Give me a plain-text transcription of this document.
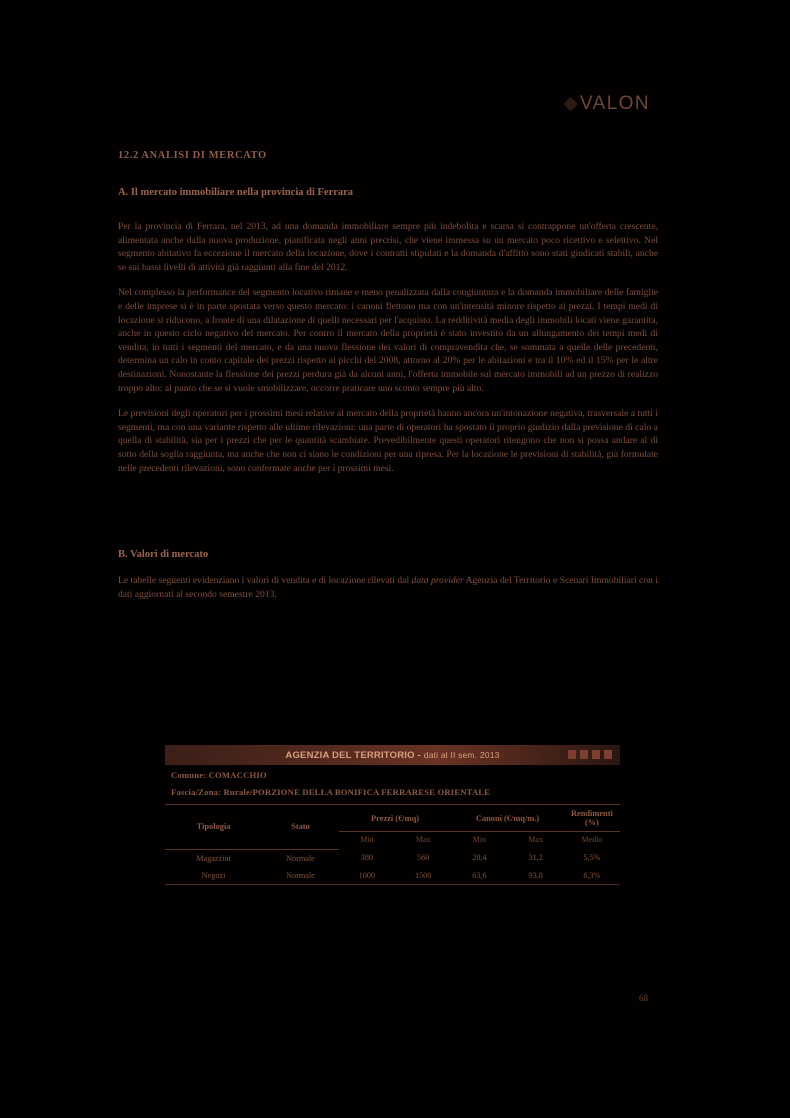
◆ VALON
12.2 ANALISI DI MERCATO
A. Il mercato immobiliare nella provincia di Ferrara

Per la provincia di Ferrara, nel 2013, ad una domanda immobiliare sempre più indebolita e scarsa si contrappone un'offerta crescente, alimentata anche dalla nuova produzione, pianificata negli anni precrisi, che viene immessa su un mercato poco ricettivo e selettivo. Nel segmento abitativo fa eccezione il mercato della locazione, dove i contratti stipulati e la domanda d'affitto sono stati giudicati stabili, anche se sui bassi livelli di attività già raggiunti alla fine del 2012.

Nel complesso la performance del segmento locativo rimane e meno penalizzata dalla congiuntura e la domanda immobiliare delle famiglie e delle imprese si è in parte spostata verso questo mercato: i canoni flettono ma con un'intensità minore rispetto ai prezzi. I tempi medi di locazione si riducono, a fronte di una dilatazione di quelli necessari per l'acquisto. La redditività media degli immobili locati viene garantita, anche in questo ciclo negativo del mercato. Per contro il mercato della proprietà è stato investito da un allungamento dei tempi medi di vendita, in tutti i segmenti del mercato, e da una nuova flessione dei valori di compravendita che, se sommata a quelle delle precedenti, determina un calo in conto capitale dei prezzi rispetto ai picchi del 2008, attorno al 20% per le abitazioni e tra il 10% ed il 15% per le altre destinazioni. Nonostante la flessione dei prezzi perdura già da alcuni anni, l'offerta immobile sul mercato immobili ad un prezzo di realizzo troppo alto: al punto che se si vuole smobilizzare, occorre praticare uno sconto sempre più alto.

Le previsioni degli operatori per i prossimi mesi relative al mercato della proprietà hanno ancora un'intonazione negativa, trasversale a tutti i segmenti, ma con una variante rispetto alle ultime rilevazioni: una parte di operatori ha spostato il proprio giudizio dalla previsione di calo a quella di stabilità, sia per i prezzi che per le quantità scambiate. Prevedibilmente questi operatori ritengono che non si possa andare al di sotto della soglia raggiunta, ma anche che non ci siano le condizioni per una ripresa. Per la locazione le previsioni di stabilità, già formulate nelle precedenti rilevazioni, sono confermate anche per i prossimi mesi.

B. Valori di mercato

Le tabelle seguenti evidenziano i valori di vendita e di locazione rilevati dal data provider Agenzia del Territorio e Scenari Immobiliari con i dati aggiornati al secondo semestre 2013.

AGENZIA DEL TERRITORIO - dati al II sem. 2013
Comune: COMACCHIO
Fascia/Zona: Rurale/PORZIONE DELLA BONIFICA FERRARESE ORIENTALE
Tipologia	Stato	Prezzi (€/mq)		Canoni (€/mq/m.)		Rendimenti (%)
		Min	Max	Min	Max	Medio
Magazzini	Normale	380	560	20,4	31,2	5,5%
Negozi	Normale	1000	1500	63,6	93,8	6,3%
68
